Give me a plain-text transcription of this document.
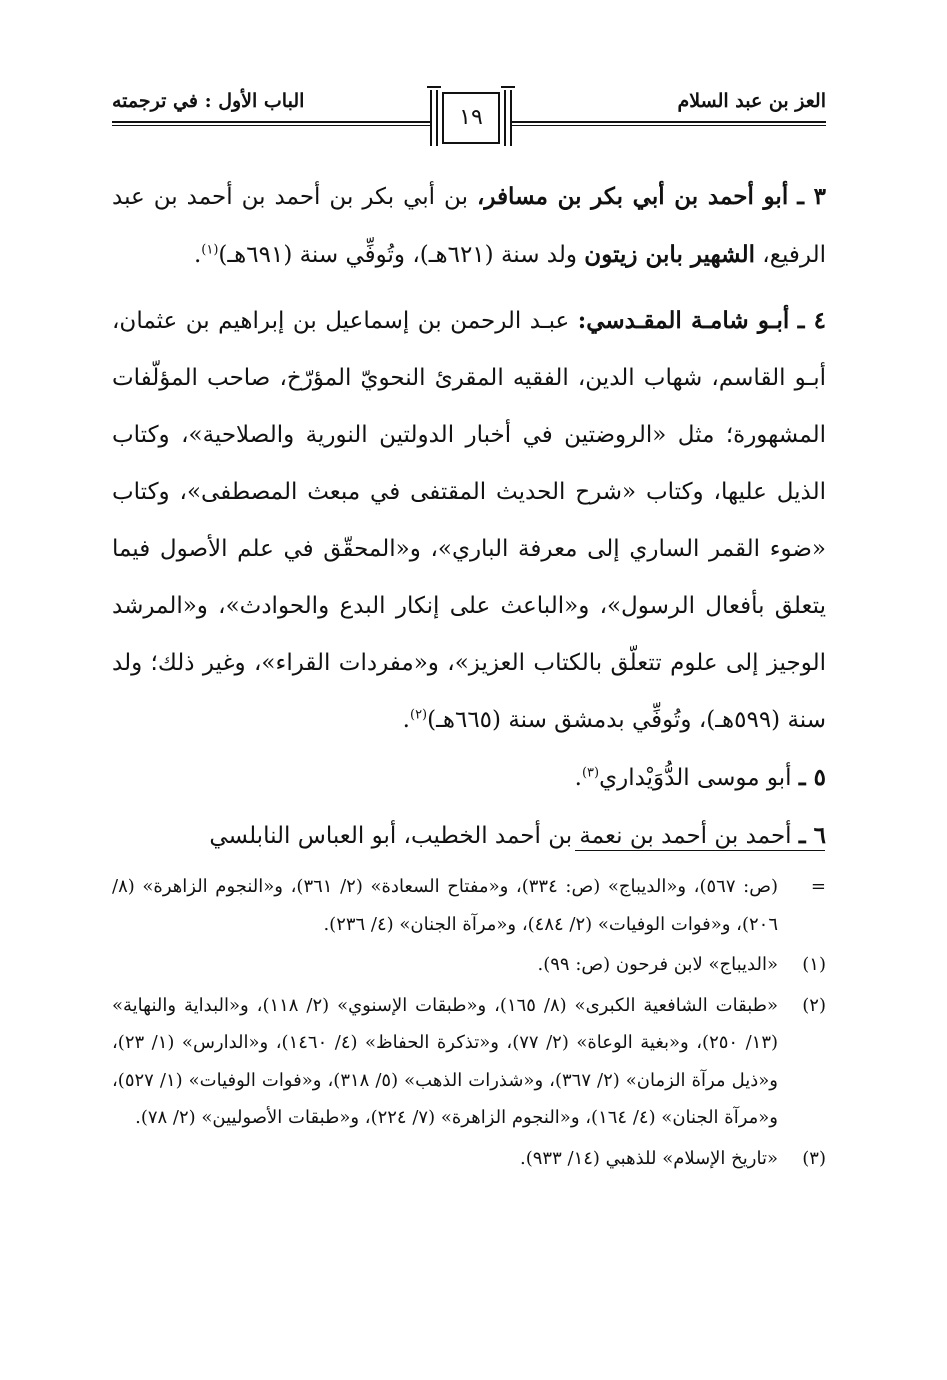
العز بن عبد السلام
الباب الأول : في ترجمته
١٩

٣ ـ أبو أحمد بن أبي بكر بن مسافر، بن أبي بكر بن أحمد بن أحمد بن عبد الرفيع، الشهير بابن زيتون ولد سنة (٦٢١هـ)، وتُوفِّي سنة (٦٩١هـ)$^{(١)}$.

٤ ـ أبـو شامـة المقـدسي: عبـد الرحمن بن إسماعيل بن إبراهيم بن عثمان، أبـو القاسم، شهاب الدين، الفقيه المقرئ النحويّ المؤرّخ، صاحب المؤلّفات المشهورة؛ مثل «الروضتين في أخبار الدولتين النورية والصلاحية»، وكتاب الذيل عليها، وكتاب «شرح الحديث المقتفى في مبعث المصطفى»، وكتاب «ضوء القمر الساري إلى معرفة الباري»، و«المحقّق في علم الأصول فيما يتعلق بأفعال الرسول»، و«الباعث على إنكار البدع والحوادث»، و«المرشد الوجيز إلى علوم تتعلّق بالكتاب العزيز»، و«مفردات القراء»، وغير ذلك؛ ولد سنة (٥٩٩هـ)، وتُوفِّي بدمشق سنة (٦٦٥هـ)$^{(٢)}$.

٥ ـ أبو موسى الدُّوَيْداري$^{(٣)}$.

٦ ـ أحمد بن أحمد بن نعمة بن أحمد الخطيب، أبو العباس النابلسي

=
(ص: ٥٦٧)، و«الديباج» (ص: ٣٣٤)، و«مفتاح السعادة» (٢/ ٣٦١)، و«النجوم الزاهرة» (٨/ ٢٠٦)، و«فوات الوفيات» (٢/ ٤٨٤)، و«مرآة الجنان» (٤/ ٢٣٦).
(١)
«الديباج» لابن فرحون (ص: ٩٩).
(٢)
«طبقات الشافعية الكبرى» (٨/ ١٦٥)، و«طبقات الإسنوي» (٢/ ١١٨)، و«البداية والنهاية» (١٣/ ٢٥٠)، و«بغية الوعاة» (٢/ ٧٧)، و«تذكرة الحفاظ» (٤/ ١٤٦٠)، و«الدارس» (١/ ٢٣)، و«ذيل مرآة الزمان» (٢/ ٣٦٧)، و«شذرات الذهب» (٥/ ٣١٨)، و«فوات الوفيات» (١/ ٥٢٧)، و«مرآة الجنان» (٤/ ١٦٤)، و«النجوم الزاهرة» (٧/ ٢٢٤)، و«طبقات الأصوليين» (٢/ ٧٨).
(٣)
«تاريخ الإسلام» للذهبي (١٤/ ٩٣٣).
